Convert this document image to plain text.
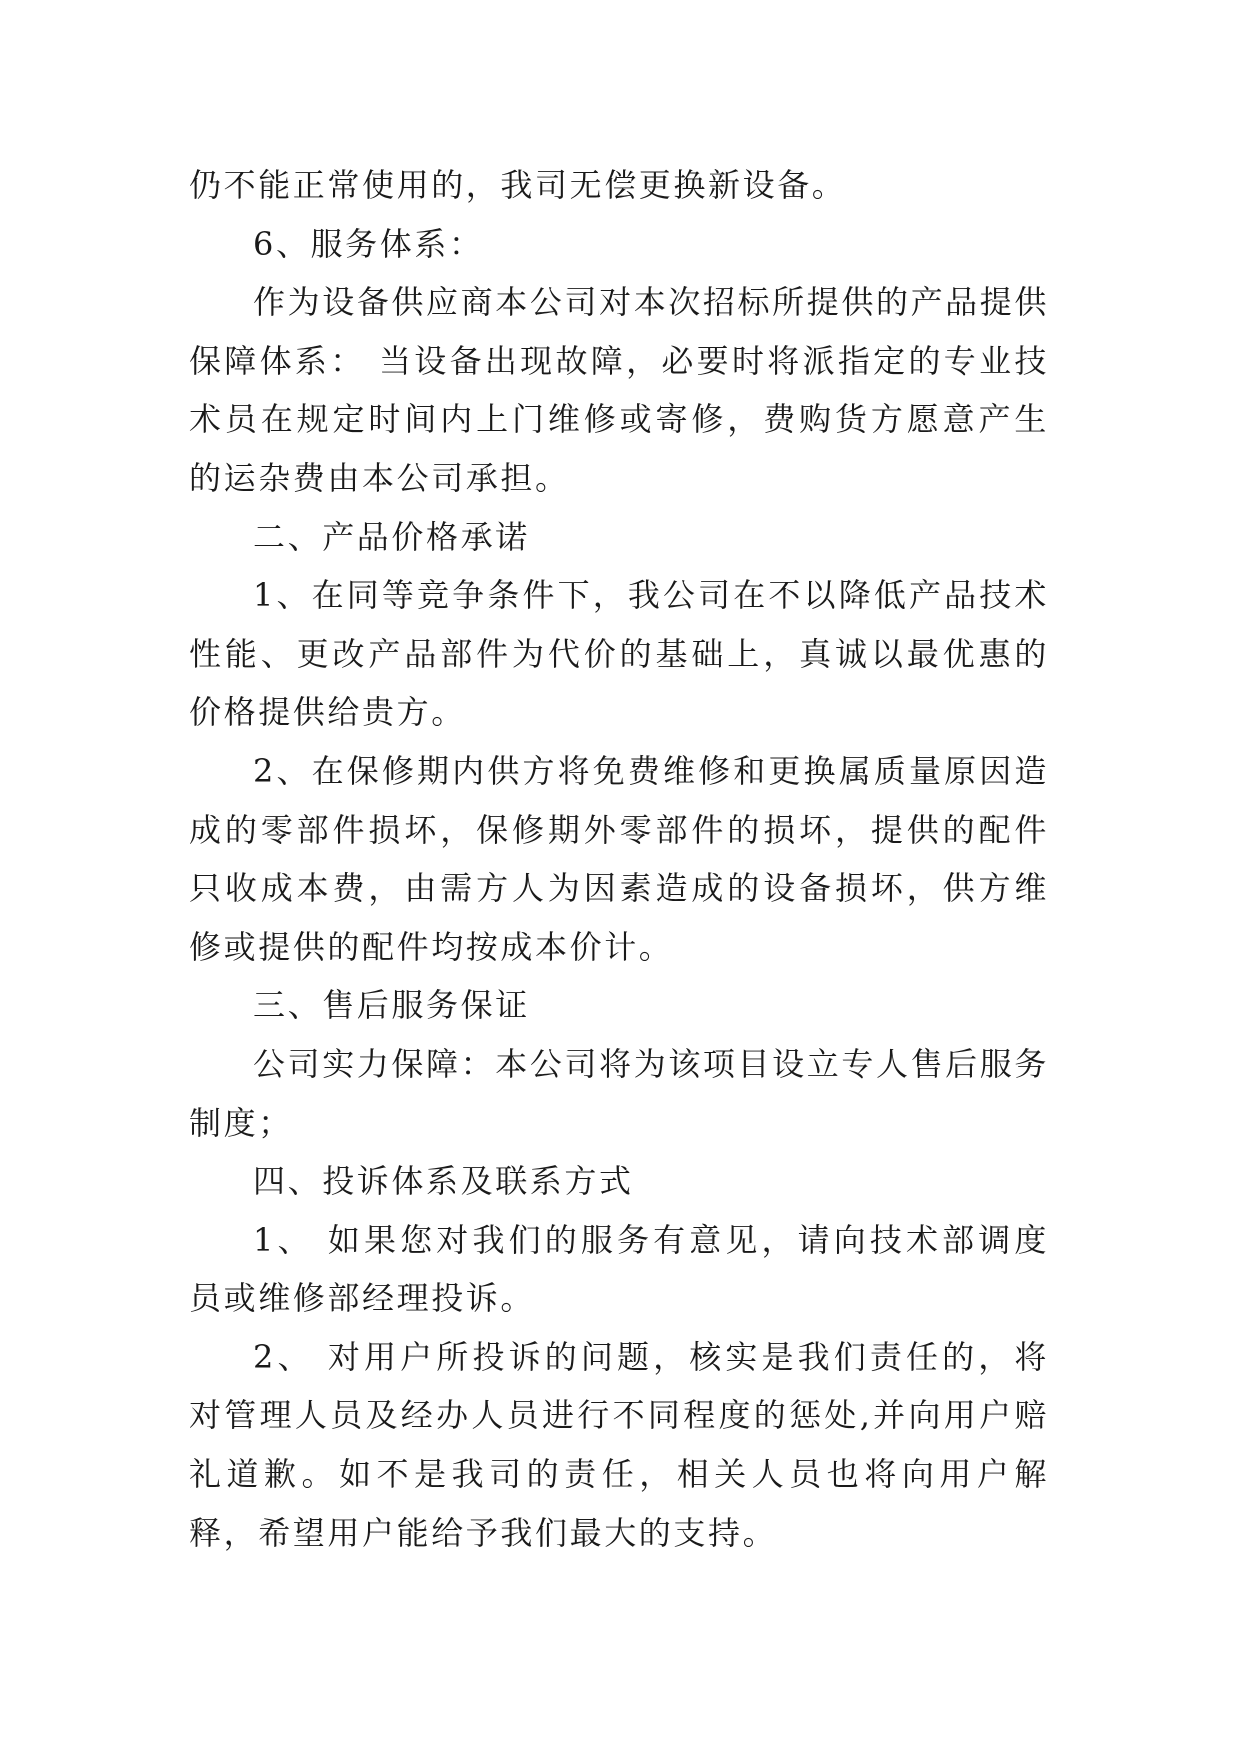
仍不能正常使用的，我司无偿更换新设备。

6、服务体系：

作为设备供应商本公司对本次招标所提供的产品提供保障体系： 当设备出现故障，必要时将派指定的专业技术员在规定时间内上门维修或寄修，费购货方愿意产生的运杂费由本公司承担。

二、产品价格承诺

1、在同等竞争条件下，我公司在不以降低产品技术性能、更改产品部件为代价的基础上，真诚以最优惠的价格提供给贵方。

2、在保修期内供方将免费维修和更换属质量原因造成的零部件损坏，保修期外零部件的损坏，提供的配件只收成本费，由需方人为因素造成的设备损坏，供方维修或提供的配件均按成本价计。

三、售后服务保证

公司实力保障：本公司将为该项目设立专人售后服务制度；

四、投诉体系及联系方式

1、 如果您对我们的服务有意见，请向技术部调度员或维修部经理投诉。

2、 对用户所投诉的问题，核实是我们责任的，将对管理人员及经办人员进行不同程度的惩处,并向用户赔礼道歉。如不是我司的责任，相关人员也将向用户解释，希望用户能给予我们最大的支持。
